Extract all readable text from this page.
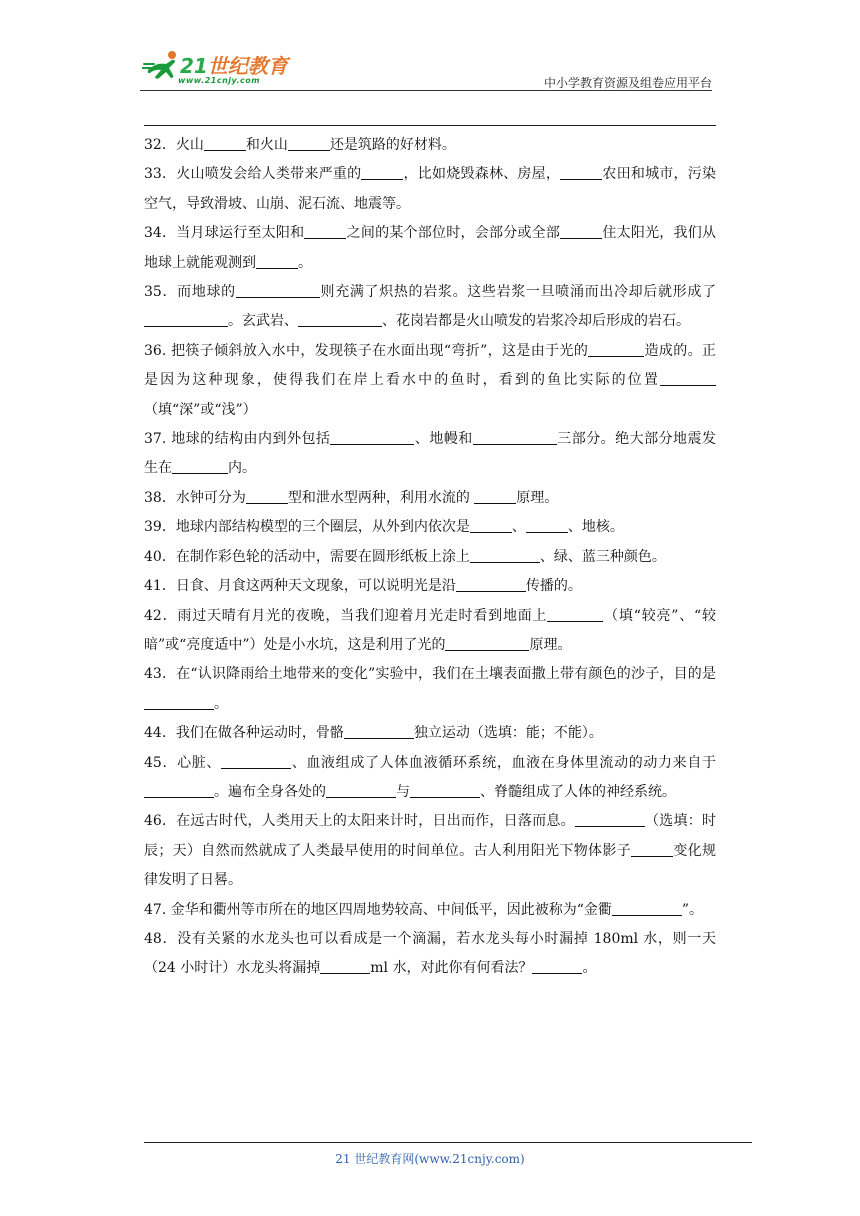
21世纪教育
www.21cnjy.com	中小学教育资源及组卷应用平台

32．火山	和火山	还是筑路的好材料。

33．火山喷发会给人类带来严重的	，比如烧毁森林、房屋，	农田和城市，污染空气，导致滑坡、山崩、泥石流、地震等。

34．当月球运行至太阳和	之间的某个部位时，会部分或全部	住太阳光，我们从地球上就能观测到	。

35．而地球的	则充满了炽热的岩浆。这些岩浆一旦喷涌而出冷却后就形成了。玄武岩、	、花岗岩都是火山喷发的岩浆冷却后形成的岩石。

36. 把筷子倾斜放入水中，发现筷子在水面出现“弯折”，这是由于光的	造成的。正是因为这种现象，使得我们在岸上看水中的鱼时，看到的鱼比实际的位置（填“深”或“浅”）

37. 地球的结构由内到外包括	、地幔和	三部分。绝大部分地震发生在	内。

38．水钟可分为	型和泄水型两种，利用水流的	原理。

39．地球内部结构模型的三个圈层，从外到内依次是	、	、地核。

40．在制作彩色轮的活动中，需要在圆形纸板上涂上	、绿、蓝三种颜色。

41．日食、月食这两种天文现象，可以说明光是沿	传播的。

42．雨过天晴有月光的夜晚，当我们迎着月光走时看到地面上	（填“较亮”、“较暗”或“亮度适中”）处是小水坑，这是利用了光的	原理。

43．在“认识降雨给土地带来的变化”实验中，我们在土壤表面撒上带有颜色的沙子，目的是。

44．我们在做各种运动时，骨骼	独立运动（选填：能；不能）。

45．心脏、	、血液组成了人体血液循环系统，血液在身体里流动的动力来自于。遍布全身各处的	与	、脊髓组成了人体的神经系统。

46．在远古时代，人类用天上的太阳来计时，日出而作，日落而息。	（选填：时辰；天）自然而然就成了人类最早使用的时间单位。古人利用阳光下物体影子	变化规律发明了日晷。

47. 金华和衢州等市所在的地区四周地势较高、中间低平，因此被称为“金衢	”。

48．没有关紧的水龙头也可以看成是一个滴漏，若水龙头每小时漏掉 180ml 水，则一天（24 小时计）水龙头将漏掉	ml 水，对此你有何看法？	。

21 世纪教育网(www.21cnjy.com)
